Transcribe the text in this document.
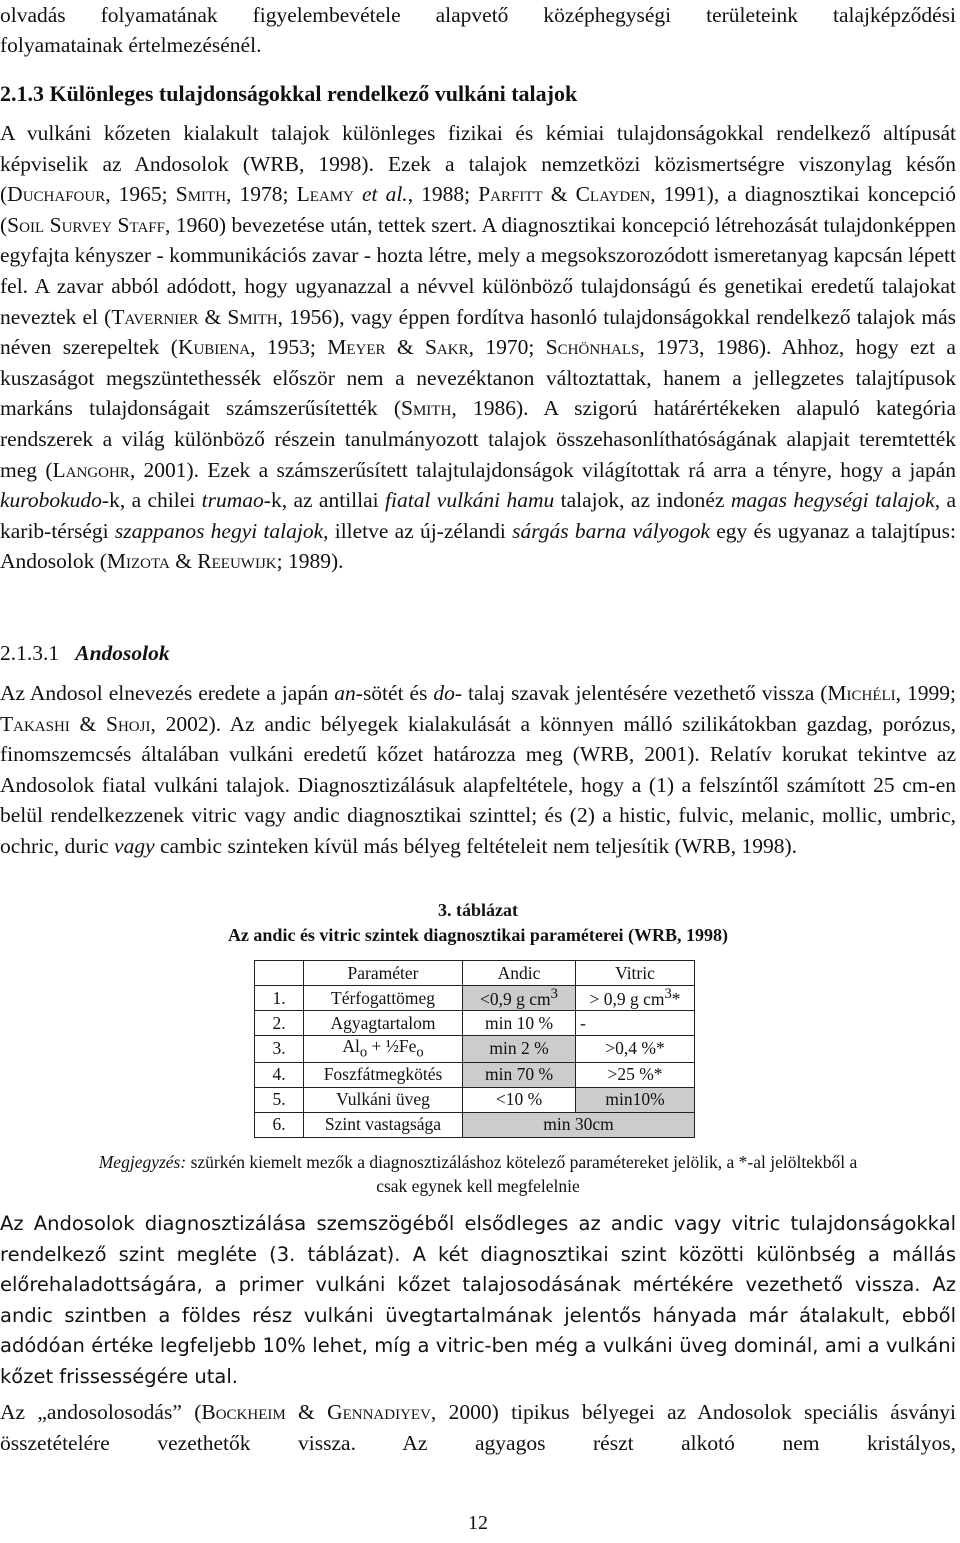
olvadás folyamatának figyelembevétele alapvető középhegységi területeink talajképződési

folyamatainak értelmezésénél.

2.1.3 Különleges tulajdonságokkal rendelkező vulkáni talajok

A vulkáni kőzeten kialakult talajok különleges fizikai és kémiai tulajdonságokkal rendelkező altípusát képviselik az Andosolok (WRB, 1998). Ezek a talajok nemzetközi közismertségre viszonylag későn (Duchafour, 1965; Smith, 1978; Leamy et al., 1988; Parfitt & Clayden, 1991), a diagnosztikai koncepció (Soil Survey Staff, 1960) bevezetése után, tettek szert. A diagnosztikai koncepció létrehozását tulajdonképpen egyfajta kényszer - kommunikációs zavar - hozta létre, mely a megsokszorozódott ismeretanyag kapcsán lépett fel. A zavar abból adódott, hogy ugyanazzal a névvel különböző tulajdonságú és genetikai eredetű talajokat neveztek el (Tavernier & Smith, 1956), vagy éppen fordítva hasonló tulajdonságokkal rendelkező talajok más néven szerepeltek (Kubiena, 1953; Meyer & Sakr, 1970; Schönhals, 1973, 1986). Ahhoz, hogy ezt a kuszaságot megszüntethessék először nem a nevezéktanon változtattak, hanem a jellegzetes talajtípusok markáns tulajdonságait számszerűsítették (Smith, 1986). A szigorú határértékeken alapuló kategória rendszerek a világ különböző részein tanulmányozott talajok összehasonlíthatóságának alapjait teremtették meg (Langohr, 2001). Ezek a számszerűsített talajtulajdonságok világítottak rá arra a tényre, hogy a japán kurobokudo-k, a chilei trumao-k, az antillai fiatal vulkáni hamu talajok, az indonéz magas hegységi talajok, a karib-térségi szappanos hegyi talajok, illetve az új-zélandi sárgás barna vályogok egy és ugyanaz a talajtípus: Andosolok (Mizota & Reeuwijk; 1989).

2.1.3.1 Andosolok

Az Andosol elnevezés eredete a japán an-sötét és do- talaj szavak jelentésére vezethető vissza (Michéli, 1999; Takashi & Shoji, 2002). Az andic bélyegek kialakulását a könnyen málló szilikátokban gazdag, porózus, finomszemcsés általában vulkáni eredetű kőzet határozza meg (WRB, 2001). Relatív korukat tekintve az Andosolok fiatal vulkáni talajok. Diagnosztizálásuk alapfeltétele, hogy a (1) a felszíntől számított 25 cm-en belül rendelkezzenek vitric vagy andic diagnosztikai szinttel; és (2) a histic, fulvic, melanic, mollic, umbric, ochric, duric vagy cambic szinteken kívül más bélyeg feltételeit nem teljesítik (WRB, 1998).

3. táblázat

Az andic és vitric szintek diagnosztikai paraméterei (WRB, 1998)

	Paraméter	Andic	Vitric
1.	Térfogattömeg	<0,9 g $cm^3$	> 0,9 g $cm^3*$
2.	Agyagtartalom	min 10 %	-
3.	$Al_o$ + $\frac{1}{2}Fe_o$	min 2 %	>0,4 %*
4.	Foszfátmegkötés	min 70 %	>25 %*
5.	Vulkáni üveg	<10 %	min10%
6.	Szint vastagsága	min 30cm	

Megjegyzés: szürkén kiemelt mezők a diagnosztizáláshoz kötelező paramétereket jelölik, a *-al jelöltekből a

csak egynek kell megfelelnie

Az Andosolok diagnosztizálása szemszögéből elsődleges az andic vagy vitric tulajdonságokkal rendelkező szint megléte (3. táblázat). A két diagnosztikai szint közötti különbség a mállás előrehaladottságára, a primer vulkáni kőzet talajosodásának mértékére vezethető vissza. Az andic szintben a földes rész vulkáni üvegtartalmának jelentős hányada már átalakult, ebből adódóan értéke legfeljebb 10% lehet, míg a vitric-ben még a vulkáni üveg dominál, ami a vulkáni kőzet frissességére utal.

Az „andosolosodás” (Bockheim & Gennadiyev, 2000) tipikus bélyegei az Andosolok speciális ásványi összetételére vezethetők vissza. Az agyagos részt alkotó nem kristályos,

12
